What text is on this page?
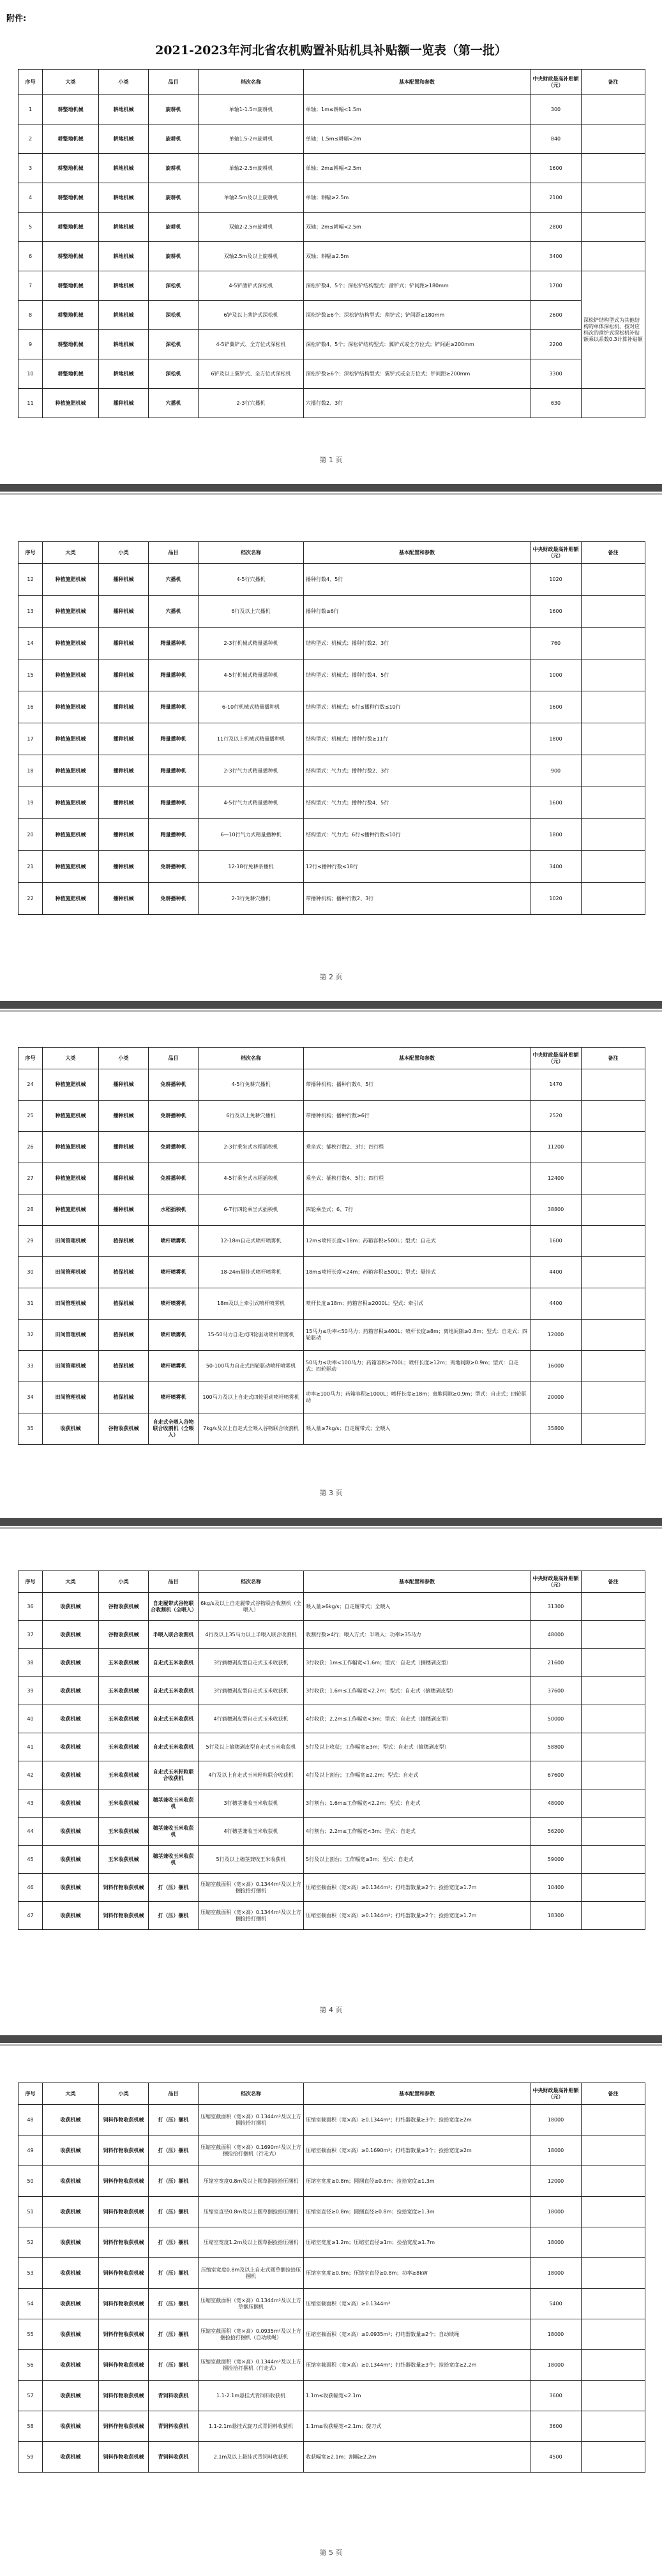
附件:
2021-2023年河北省农机购置补贴机具补贴额一览表（第一批）
序号	大类	小类	品目	档次名称	基本配置和参数	中央财政最高补贴额（元）	备注
1	耕整地机械	耕地机械	旋耕机	单轴1-1.5m旋耕机	单轴；1m≤耕幅<1.5m	300	
2	耕整地机械	耕地机械	旋耕机	单轴1.5-2m旋耕机	单轴；1.5m≤耕幅<2m	840	
3	耕整地机械	耕地机械	旋耕机	单轴2-2.5m旋耕机	单轴；2m≤耕幅<2.5m	1600	
4	耕整地机械	耕地机械	旋耕机	单轴2.5m及以上旋耕机	单轴；耕幅≥2.5m	2100	
5	耕整地机械	耕地机械	旋耕机	双轴2-2.5m旋耕机	双轴；2m≤耕幅<2.5m	2800	
6	耕整地机械	耕地机械	旋耕机	双轴2.5m及以上旋耕机	双轴；耕幅≥2.5m	3400	
7	耕整地机械	耕地机械	深松机	4-5铲凿铲式深松机	深松铲数4、5个；深松铲结构型式：凿铲式；铲间距≥180mm	1700	深松铲结构型式为其他结构的单体深松机，按对应档次的凿铲式深松机补贴额乘以系数0.3计算补贴额
8	耕整地机械	耕地机械	深松机	6铲及以上凿铲式深松机	深松铲数≥6个；深松铲结构型式：凿铲式；铲间距≥180mm	2600	
9	耕整地机械	耕地机械	深松机	4-5铲翼铲式、全方位式深松机	深松铲数4、5个；深松铲结构型式：翼铲式或全方位式；铲间距≥200mm	2200	
10	耕整地机械	耕地机械	深松机	6铲及以上翼铲式、全方位式深松机	深松铲数≥6个；深松铲结构型式：翼铲式或全方位式；铲间距≥200mm	3300	
11	种植施肥机械	播种机械	穴播机	2-3行穴播机	穴播行数2、3行	630	
第 1 页
序号	大类	小类	品目	档次名称	基本配置和参数	中央财政最高补贴额（元）	备注
12	种植施肥机械	播种机械	穴播机	4-5行穴播机	播种行数4、5行	1020	
13	种植施肥机械	播种机械	穴播机	6行及以上穴播机	播种行数≥6行	1600	
14	种植施肥机械	播种机械	精量播种机	2-3行机械式精量播种机	结构型式：机械式；播种行数2、3行	760	
15	种植施肥机械	播种机械	精量播种机	4-5行机械式精量播种机	结构型式：机械式；播种行数4、5行	1000	
16	种植施肥机械	播种机械	精量播种机	6-10行机械式精量播种机	结构型式：机械式；6行≤播种行数≤10行	1600	
17	种植施肥机械	播种机械	精量播种机	11行及以上机械式精量播种机	结构型式：机械式；播种行数≥11行	1800	
18	种植施肥机械	播种机械	精量播种机	2-3行气力式精量播种机	结构型式：气力式；播种行数2、3行	900	
19	种植施肥机械	播种机械	精量播种机	4-5行气力式精量播种机	结构型式：气力式；播种行数4、5行	1600	
20	种植施肥机械	播种机械	精量播种机	6—10行气力式精量播种机	结构型式：气力式；6行≤播种行数≤10行	1800	
21	种植施肥机械	播种机械	免耕播种机	12-18行免耕条播机	12行≤播种行数≤18行	3400	
22	种植施肥机械	播种机械	免耕播种机	2-3行免耕穴播机	带播种机构；播种行数2、3行	1020	
第 2 页
序号	大类	小类	品目	档次名称	基本配置和参数	中央财政最高补贴额（元）	备注
24	种植施肥机械	播种机械	免耕播种机	4-5行免耕穴播机	带播种机构；播种行数4、5行	1470	
25	种植施肥机械	播种机械	免耕播种机	6行及以上免耕穴播机	带播种机构；播种行数≥6行	2520	
26	种植施肥机械	播种机械	免耕播种机	2-3行乘坐式水稻插秧机	乘坐式；插秧行数2、3行；四行程	11200	
27	种植施肥机械	播种机械	免耕播种机	4-5行乘坐式水稻插秧机	乘坐式；插秧行数4、5行；四行程	12400	
28	种植施肥机械	播种机械	水稻插秧机	6-7行四轮乘坐式插秧机	四轮乘坐式；6、7行	38800	
29	田间管理机械	植保机械	喷杆喷雾机	12-18m自走式喷杆喷雾机	12m≤喷杆长度<18m；药箱容积≥500L；型式：自走式	1600	
30	田间管理机械	植保机械	喷杆喷雾机	18-24m悬挂式喷杆喷雾机	18m≤喷杆长度<24m；药箱容积≥500L；型式：悬挂式	4400	
31	田间管理机械	植保机械	喷杆喷雾机	18m及以上牵引式喷杆喷雾机	喷杆长度≥18m；药箱容积≥2000L；型式：牵引式	4400	
32	田间管理机械	植保机械	喷杆喷雾机	15-50马力自走式四轮驱动喷杆喷雾机	15马力≤功率<50马力；药箱容积≥400L；喷杆长度≥8m；离地间隙≥0.8m；型式：自走式；四轮驱动	12000	
33	田间管理机械	植保机械	喷杆喷雾机	50-100马力自走式四轮驱动喷杆喷雾机	50马力≤功率<100马力；药箱容积≥700L；喷杆长度≥12m；离地间隙≥0.9m；型式：自走式；四轮驱动	16000	
34	田间管理机械	植保机械	喷杆喷雾机	100马力及以上自走式四轮驱动喷杆喷雾机	功率≥100马力；药箱容积≥1000L；喷杆长度≥18m；离地间隙≥0.9m；型式：自走式；四轮驱动	20000	
35	收获机械	谷物收获机械	自走式全喂入谷物联合收割机（全喂入）	7kg/s及以上自走式全喂入谷物联合收割机	喂入量≥7kg/s；自走履带式；全喂入	35800	
第 3 页
序号	大类	小类	品目	档次名称	基本配置和参数	中央财政最高补贴额（元）	备注
36	收获机械	谷物收获机械	自走履带式谷物联合收割机（全喂入）	6kg/s及以上自走履带式谷物联合收割机（全喂入）	喂入量≥6kg/s；自走履带式；全喂入	31300	
37	收获机械	谷物收获机械	半喂入联合收割机	4行及以上35马力以上半喂入联合收割机	收割行数≥4行；喂入方式：半喂入；功率≥35马力	48000	
38	收获机械	玉米收获机械	自走式玉米收获机	3行摘穗剥皮型自走式玉米收获机	3行收获；1m≤工作幅宽<1.6m；型式：自走式（摘穗剥皮型）	21600	
39	收获机械	玉米收获机械	自走式玉米收获机	3行摘穗剥皮型自走式玉米收获机	3行收获；1.6m≤工作幅宽<2.2m；型式：自走式（摘穗剥皮型）	37600	
40	收获机械	玉米收获机械	自走式玉米收获机	4行摘穗剥皮型自走式玉米收获机	4行收获；2.2m≤工作幅宽<3m；型式：自走式（摘穗剥皮型）	50000	
41	收获机械	玉米收获机械	自走式玉米收获机	5行及以上摘穗剥皮型自走式玉米收获机	5行及以上收获；工作幅宽≥3m；型式：自走式（摘穗剥皮型）	58800	
42	收获机械	玉米收获机械	自走式玉米籽粒联合收获机	4行及以上自走式玉米籽粒联合收获机	4行及以上割台；工作幅宽≥2.2m；型式：自走式	67600	
43	收获机械	玉米收获机械	穗茎兼收玉米收获机	3行穗茎兼收玉米收获机	3行割台；1.6m≤工作幅宽<2.2m；型式：自走式	48000	
44	收获机械	玉米收获机械	穗茎兼收玉米收获机	4行穗茎兼收玉米收获机	4行割台；2.2m≤工作幅宽<3m；型式：自走式	56200	
45	收获机械	玉米收获机械	穗茎兼收玉米收获机	5行及以上穗茎兼收玉米收获机	5行及以上割台；工作幅宽≥3m；型式：自走式	59000	
46	收获机械	饲料作物收获机械	打（压）捆机	压缩室截面积（宽×高）0.1344m²及以上方捆捡拾打捆机	压缩室截面积（宽×高）≥0.1344m²；打结器数量≥2个；捡拾宽度≥1.7m	10400	
47	收获机械	饲料作物收获机械	打（压）捆机	压缩室截面积（宽×高）0.1344m²及以上方捆捡拾打捆机	压缩室截面积（宽×高）≥0.1344m²；打结器数量≥2个；捡拾宽度≥1.7m	18300	
第 4 页
序号	大类	小类	品目	档次名称	基本配置和参数	中央财政最高补贴额（元）	备注
48	收获机械	饲料作物收获机械	打（压）捆机	压缩室截面积（宽×高）0.1344m²及以上方捆捡拾打捆机	压缩室截面积（宽×高）≥0.1344m²；打结器数量≥3个；捡拾宽度≥2m	18000	
49	收获机械	饲料作物收获机械	打（压）捆机	压缩室截面积（宽×高）0.1690m²及以上方捆捡拾打捆机（行走式）	压缩室截面积（宽×高）≥0.1690m²；打结器数量≥3个；捡拾宽度≥2m	18000	
50	收获机械	饲料作物收获机械	打（压）捆机	压缩室宽度0.8m及以上圆草捆捡拾压捆机	压缩室宽度≥0.8m；圆捆直径≥0.8m；捡拾宽度≥1.3m	12000	
51	收获机械	饲料作物收获机械	打（压）捆机	压缩室直径0.8m及以上圆草捆捡拾压捆机	压缩室直径≥0.8m；圆捆直径≥0.8m；捡拾宽度≥1.3m	18000	
52	收获机械	饲料作物收获机械	打（压）捆机	压缩室宽度1.2m及以上圆草捆捡拾压捆机	压缩室宽度≥1.2m；压缩室直径≥1m；捡拾宽度≥1.7m	18000	
53	收获机械	饲料作物收获机械	打（压）捆机	压缩室宽度0.8m及以上自走式圆草捆捡拾压捆机	压缩室宽度≥0.8m；压缩室直径≥0.8m；功率≥8kW	18000	
54	收获机械	饲料作物收获机械	打（压）捆机	压缩室截面积（宽×高）0.1344m²及以上方草捆压捆机	压缩室截面积（宽×高）≥0.1344m²	5400	
55	收获机械	饲料作物收获机械	打（压）捆机	压缩室截面积（宽×高）0.0935m²及以上方捆捡拾打捆机（自动续绳）	压缩室截面积（宽×高）≥0.0935m²；打结器数量≥2个；自动续绳	18000	
56	收获机械	饲料作物收获机械	打（压）捆机	压缩室截面积（宽×高）0.1344m²及以上方捆捡拾打捆机（行走式）	压缩室截面积（宽×高）≥0.1344m²；打结器数量≥3个；捡拾宽度≥2.2m	18000	
57	收获机械	饲料作物收获机械	青饲料收获机	1.1-2.1m悬挂式青饲料收获机	1.1m≤收获幅宽<2.1m	3600	
58	收获机械	饲料作物收获机械	青饲料收获机	1.1-2.1m悬挂式旋刀式青饲料收获机	1.1m≤收获幅宽<2.1m；旋刀式	3600	
59	收获机械	饲料作物收获机械	青饲料收获机	2.1m及以上悬挂式青饲料收获机	收获幅宽≥2.1m；割幅≥2.2m	4500	
第 5 页
